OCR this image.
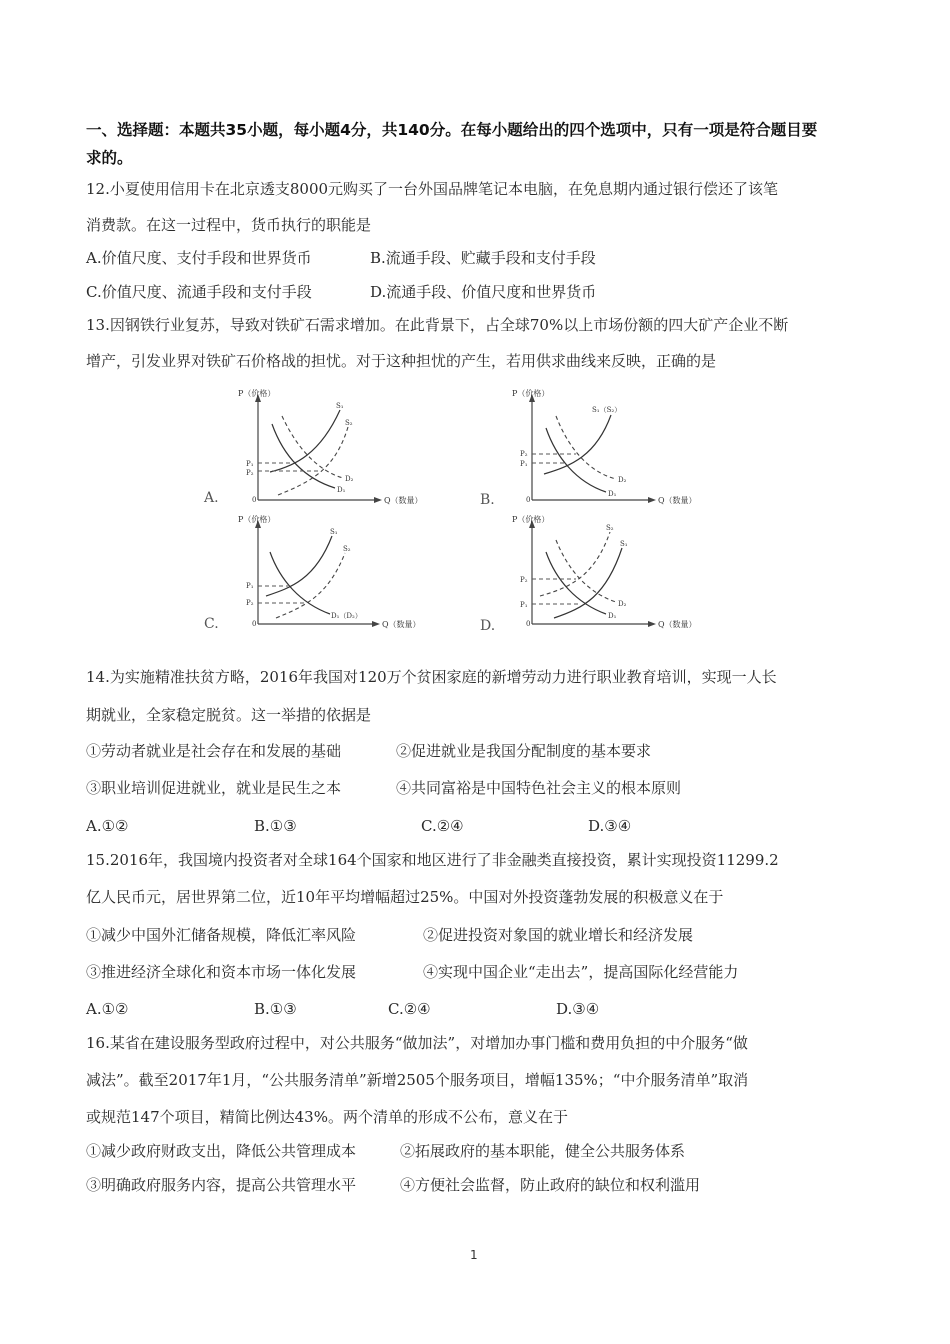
一、选择题：本题共35小题，每小题4分，共140分。在每小题给出的四个选项中，只有一项是符合题目要
求的。
12.小夏使用信用卡在北京透支8000元购买了一台外国品牌笔记本电脑，在免息期内通过银行偿还了该笔
消费款。在这一过程中，货币执行的职能是
A.价值尺度、支付手段和世界货币	B.流通手段、贮藏手段和支付手段
C.价值尺度、流通手段和支付手段	D.流通手段、价值尺度和世界货币
13.因钢铁行业复苏，导致对铁矿石需求增加。在此背景下，占全球70%以上市场份额的四大矿产企业不断
增产，引发业界对铁矿石价格战的担忧。对于这种担忧的产生，若用供求曲线来反映，正确的是
P（价格）
Q（数量）
0
A.
P₁
P₂
S₁
S₂
D₁
D₂
P（价格）
Q（数量）
0
B.
P₂
P₁
S₁（S₂）
D₁
D₂
P（价格）
Q（数量）
0
C.
P₁
P₂
S₁
S₂
D₁（D₂）
P（价格）
Q（数量）
0
D.
P₂
P₁
S₂
S₁
D₁
D₂
14.为实施精准扶贫方略，2016年我国对120万个贫困家庭的新增劳动力进行职业教育培训，实现一人长
期就业，全家稳定脱贫。这一举措的依据是
①劳动者就业是社会存在和发展的基础	②促进就业是我国分配制度的基本要求
③职业培训促进就业，就业是民生之本	④共同富裕是中国特色社会主义的根本原则
A.①②	B.①③	C.②④	D.③④
15.2016年，我国境内投资者对全球164个国家和地区进行了非金融类直接投资，累计实现投资11299.2
亿人民币元，居世界第二位，近10年平均增幅超过25%。中国对外投资蓬勃发展的积极意义在于
①减少中国外汇储备规模，降低汇率风险	②促进投资对象国的就业增长和经济发展
③推进经济全球化和资本市场一体化发展	④实现中国企业“走出去”，提高国际化经营能力
A.①②	B.①③	C.②④	D.③④
16.某省在建设服务型政府过程中，对公共服务“做加法”，对增加办事门槛和费用负担的中介服务“做
减法”。截至2017年1月，“公共服务清单”新增2505个服务项目，增幅135%；“中介服务清单”取消
或规范147个项目，精简比例达43%。两个清单的形成不公布，意义在于
①减少政府财政支出，降低公共管理成本	②拓展政府的基本职能，健全公共服务体系
③明确政府服务内容，提高公共管理水平	④方便社会监督，防止政府的缺位和权利滥用
1
